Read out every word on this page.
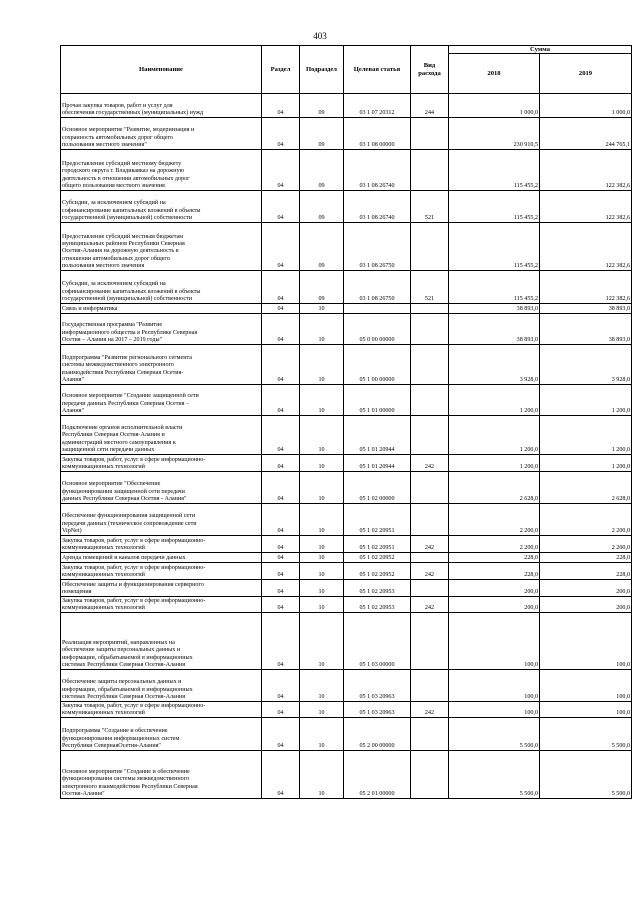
403
Наименование	Раздел	Подраздел	Целевая статья	Вид расхода	Сумма	
					2018	2019
Прочая закупка товаров, работ и услуг для
обеспечения государственных (муниципальных) нужд	04	09	03 1 07 20312	244	1 000,0	1 000,0
Основное мероприятие "Развитие, модернизация и
сохранность автомобильных дорог общего
пользования местного значения"	04	09	03 1 08 00000		230 910,5	244 765,1
Предоставление субсидий местному бюджету
городского округа г. Владикавказ на дорожную
деятельность в отношении автомобильных дорог
общего пользования местного значения	04	09	03 1 08 26740		115 455,2	122 382,6

Субсидии, за исключением субсидий на
софинансирование капитальных вложений в объекты
государственной (муниципальной) собственности	04	09	03 1 08 26740	521	115 455,2	122 382,6
Предоставление субсидий местным бюджетам
муниципальных районов Республики Северная
Осетия-Алания на дорожную деятельность в
отношении автомобильных дорог общего
пользования местного значения	04	09	03 1 08 26750		115 455,2	122 382,6

Субсидии, за исключением субсидий на
софинансирование капитальных вложений в объекты
государственной (муниципальной) собственности	04	09	03 1 08 26750	521	115 455,2	122 382,6
Связь и информатика	04	10			38 893,0	38 893,0
Государственная программа "Развитие
информационного общества в Республике Северная
Осетия – Алания на 2017 – 2019 годы"	04	10	05 0 00 00000		38 893,0	38 893,0
Подпрограмма "Развитие регионального сегмента
системы межведомственного электронного
взаимодействия Республики Северная Осетия-
Алания"	04	10	05 1 00 00000		3 928,0	3 928,0
Основное мероприятие "Создание защищенной сети
передачи данных Республики Северная Осетия –
Алания"	04	10	05 1 01 00000		1 200,0	1 200,0
Подключение органов исполнительной власти
Республики Северная Осетия-Алания и
администраций местного самоуправления к
защищенной сети передачи данных	04	10	05 1 01 20944		1 200,0	1 200,0
Закупка товаров, работ, услуг в сфере информационно-
коммуникационных технологий	04	10	05 1 01 20944	242	1 200,0	1 200,0
Основное мероприятие "Обеспечение
функционирования защищенной сети передачи
данных Республики Северная Осетия - Алания"	04	10	05 1 02 00000		2 628,0	2 628,0
Обеспечение функционирования защищенной сети
передачи данных (техническое сопровождение сети
VipNet)	04	10	05 1 02 20951		2 200,0	2 200,0
Закупка товаров, работ, услуг в сфере информационно-
коммуникационных технологий	04	10	05 1 02 20951	242	2 200,0	2 200,0
Аренда помещений и каналов передачи данных	04	10	05 1 02 20952		228,0	228,0
Закупка товаров, работ, услуг в сфере информационно-
коммуникационных технологий	04	10	05 1 02 20952	242	228,0	228,0
Обеспечение защиты и функционирования серверного
помещения	04	10	05 1 02 20953		200,0	200,0
Закупка товаров, работ, услуг в сфере информационно-
коммуникационных технологий	04	10	05 1 02 20953	242	200,0	200,0

Реализация мероприятий, направленных на
обеспечение защиты персональных данных и
информации, обрабатываемой в информационных
системах Республики Северная Осетия-Алания	04	10	05 1 03 00000		100,0	100,0

Обеспечение защиты персональных данных и
информации, обрабатываемой в информационных
системах Республики Северная Осетия-Алания	04	10	05 1 03 20963		100,0	100,0
Закупка товаров, работ, услуг в сфере информационно-
коммуникационных технологий	04	10	05 1 03 20963	242	100,0	100,0
Подпрограмма "Создание и обеспечение
функционирования информационных систем
Республики СевернаяОсетия-Алания"	04	10	05 2 00 00000		5 500,0	5 500,0

Основное мероприятие "Создание и обеспечение
функционирования системы межведомственного
электронного взаимодействия Республики Северная
Осетия-Алания"	04	10	05 2 01 00000		5 500,0	5 500,0
